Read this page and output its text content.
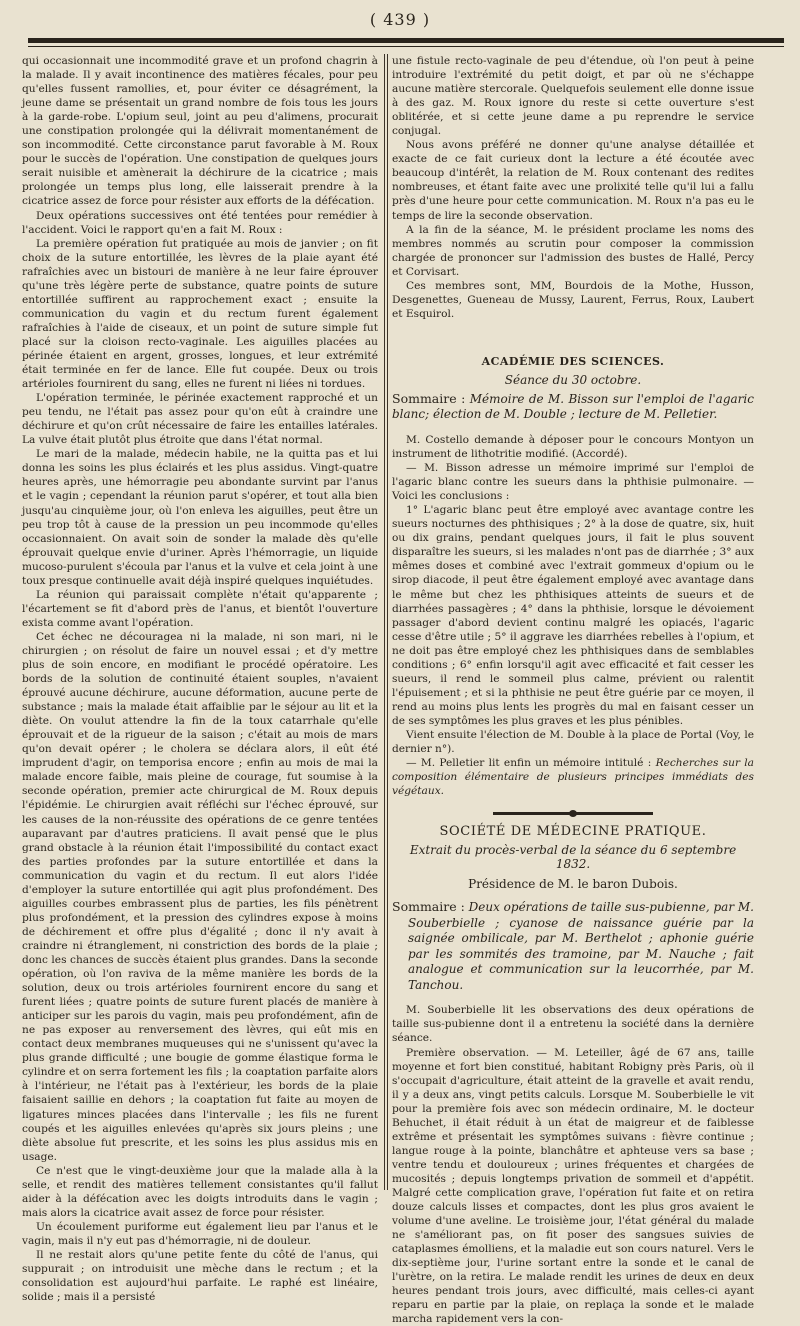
( 439 )

qui occasionnait une incommodité grave et un profond chagrin à la malade. Il y avait incontinence des matières fécales, pour peu qu'elles fussent ramollies, et, pour éviter ce désagrément, la jeune dame se présentait un grand nombre de fois tous les jours à la garde-robe. L'opium seul, joint au peu d'alimens, procurait une constipation prolongée qui la délivrait momentanément de son incommodité. Cette circonstance parut favorable à M. Roux pour le succès de l'opération. Une constipation de quelques jours serait nuisible et amènerait la déchirure de la cicatrice ; mais prolongée un temps plus long, elle laisserait prendre à la cicatrice assez de force pour résister aux efforts de la défécation.

Deux opérations successives ont été tentées pour remédier à l'accident. Voici le rapport qu'en a fait M. Roux :

La première opération fut pratiquée au mois de janvier ; on fit choix de la suture entortillée, les lèvres de la plaie ayant été rafraîchies avec un bistouri de manière à ne leur faire éprouver qu'une très légère perte de substance, quatre points de suture entortillée suffirent au rapprochement exact ; ensuite la communication du vagin et du rectum furent également rafraîchies à l'aide de ciseaux, et un point de suture simple fut placé sur la cloison recto-vaginale. Les aiguilles placées au périnée étaient en argent, grosses, longues, et leur extrémité était terminée en fer de lance. Elle fut coupée. Deux ou trois artérioles fournirent du sang, elles ne furent ni liées ni tordues.

L'opération terminée, le périnée exactement rapproché et un peu tendu, ne l'était pas assez pour qu'on eût à craindre une déchirure et qu'on crût nécessaire de faire les entailles latérales. La vulve était plutôt plus étroite que dans l'état normal.

Le mari de la malade, médecin habile, ne la quitta pas et lui donna les soins les plus éclairés et les plus assidus. Vingt-quatre heures après, une hémorragie peu abondante survint par l'anus et le vagin ; cependant la réunion parut s'opérer, et tout alla bien jusqu'au cinquième jour, où l'on enleva les aiguilles, peut être un peu trop tôt à cause de la pression un peu incommode qu'elles occasionnaient. On avait soin de sonder la malade dès qu'elle éprouvait quelque envie d'uriner. Après l'hémorragie, un liquide mucoso-purulent s'écoula par l'anus et la vulve et cela joint à une toux presque continuelle avait déjà inspiré quelques inquiétudes.

La réunion qui paraissait complète n'était qu'apparente ; l'écartement se fit d'abord près de l'anus, et bientôt l'ouverture exista comme avant l'opération.

Cet échec ne découragea ni la malade, ni son mari, ni le chirurgien ; on résolut de faire un nouvel essai ; et d'y mettre plus de soin encore, en modifiant le procédé opératoire. Les bords de la solution de continuité étaient souples, n'avaient éprouvé aucune déchirure, aucune déformation, aucune perte de substance ; mais la malade était affaiblie par le séjour au lit et la diète. On voulut attendre la fin de la toux catarrhale qu'elle éprouvait et de la rigueur de la saison ; c'était au mois de mars qu'on devait opérer ; le cholera se déclara alors, il eût été imprudent d'agir, on temporisa encore ; enfin au mois de mai la malade encore faible, mais pleine de courage, fut soumise à la seconde opération, premier acte chirurgical de M. Roux depuis l'épidémie. Le chirurgien avait réfléchi sur l'échec éprouvé, sur les causes de la non-réussite des opérations de ce genre tentées auparavant par d'autres praticiens. Il avait pensé que le plus grand obstacle à la réunion était l'impossibilité du contact exact des parties profondes par la suture entortillée et dans la communication du vagin et du rectum. Il eut alors l'idée d'employer la suture entortillée qui agit plus profondément. Des aiguilles courbes embrassent plus de parties, les fils pénètrent plus profondément, et la pression des cylindres expose à moins de déchirement et offre plus d'égalité ; donc il n'y avait à craindre ni étranglement, ni constriction des bords de la plaie ; donc les chances de succès étaient plus grandes. Dans la seconde opération, où l'on raviva de la même manière les bords de la solution, deux ou trois artérioles fournirent encore du sang et furent liées ; quatre points de suture furent placés de manière à anticiper sur les parois du vagin, mais peu profondément, afin de ne pas exposer au renversement des lèvres, qui eût mis en contact deux membranes muqueuses qui ne s'unissent qu'avec la plus grande difficulté ; une bougie de gomme élastique forma le cylindre et on serra fortement les fils ; la coaptation parfaite alors à l'intérieur, ne l'était pas à l'extérieur, les bords de la plaie faisaient saillie en dehors ; la coaptation fut faite au moyen de ligatures minces placées dans l'intervalle ; les fils ne furent coupés et les aiguilles enlevées qu'après six jours pleins ; une diète absolue fut prescrite, et les soins les plus assidus mis en usage.

Ce n'est que le vingt-deuxième jour que la malade alla à la selle, et rendit des matières tellement consistantes qu'il fallut aider à la défécation avec les doigts introduits dans le vagin ; mais alors la cicatrice avait assez de force pour résister.

Un écoulement puriforme eut également lieu par l'anus et le vagin, mais il n'y eut pas d'hémorragie, ni de douleur.

Il ne restait alors qu'une petite fente du côté de l'anus, qui suppurait ; on introduisit une mèche dans le rectum ; et la consolidation est aujourd'hui parfaite. Le raphé est linéaire, solide ; mais il a persisté

une fistule recto-vaginale de peu d'étendue, où l'on peut à peine introduire l'extrémité du petit doigt, et par où ne s'échappe aucune matière stercorale. Quelquefois seulement elle donne issue à des gaz. M. Roux ignore du reste si cette ouverture s'est oblitérée, et si cette jeune dame a pu reprendre le service conjugal.

Nous avons préféré ne donner qu'une analyse détaillée et exacte de ce fait curieux dont la lecture a été écoutée avec beaucoup d'intérêt, la relation de M. Roux contenant des redites nombreuses, et étant faite avec une prolixité telle qu'il lui a fallu près d'une heure pour cette communication. M. Roux n'a pas eu le temps de lire la seconde observation.

A la fin de la séance, M. le président proclame les noms des membres nommés au scrutin pour composer la commission chargée de prononcer sur l'admission des bustes de Hallé, Percy et Corvisart.

Ces membres sont, MM, Bourdois de la Mothe, Husson, Desgenettes, Gueneau de Mussy, Laurent, Ferrus, Roux, Laubert et Esquirol.

ACADÉMIE DES SCIENCES.
Séance du 30 octobre.

Sommaire : Mémoire de M. Bisson sur l'emploi de l'agaric blanc; élection de M. Double ; lecture de M. Pelletier.

M. Costello demande à déposer pour le concours Montyon un instrument de lithotritie modifié. (Accordé).

— M. Bisson adresse un mémoire imprimé sur l'emploi de l'agaric blanc contre les sueurs dans la phthisie pulmonaire. — Voici les conclusions :

1° L'agaric blanc peut être employé avec avantage contre les sueurs nocturnes des phthisiques ; 2° à la dose de quatre, six, huit ou dix grains, pendant quelques jours, il fait le plus souvent disparaître les sueurs, si les malades n'ont pas de diarrhée ; 3° aux mêmes doses et combiné avec l'extrait gommeux d'opium ou le sirop diacode, il peut être également employé avec avantage dans le même but chez les phthisiques atteints de sueurs et de diarrhées passagères ; 4° dans la phthisie, lorsque le dévoiement passager d'abord devient continu malgré les opiacés, l'agaric cesse d'être utile ; 5° il aggrave les diarrhées rebelles à l'opium, et ne doit pas être employé chez les phthisiques dans de semblables conditions ; 6° enfin lorsqu'il agit avec efficacité et fait cesser les sueurs, il rend le sommeil plus calme, prévient ou ralentit l'épuisement ; et si la phthisie ne peut être guérie par ce moyen, il rend au moins plus lents les progrès du mal en faisant cesser un de ses symptômes les plus graves et les plus pénibles.

Vient ensuite l'élection de M. Double à la place de Portal (Voy, le dernier n°).

— M. Pelletier lit enfin un mémoire intitulé : Recherches sur la composition élémentaire de plusieurs principes immédiats des végétaux.

SOCIÉTÉ DE MÉDECINE PRATIQUE.
Extrait du procès-verbal de la séance du 6 septembre 1832.
Présidence de M. le baron Dubois.

Sommaire : Deux opérations de taille sus-pubienne, par M. Souberbielle ; cyanose de naissance guérie par la saignée ombilicale, par M. Berthelot ; aphonie guérie par les sommités des tramoine, par M. Nauche ; fait analogue et communication sur la leucorrhée, par M. Tanchou.

M. Souberbielle lit les observations des deux opérations de taille sus-pubienne dont il a entretenu la société dans la dernière séance.

Première observation. — M. Leteiller, âgé de 67 ans, taille moyenne et fort bien constitué, habitant Robigny près Paris, où il s'occupait d'agriculture, était atteint de la gravelle et avait rendu, il y a deux ans, vingt petits calculs. Lorsque M. Souberbielle le vit pour la première fois avec son médecin ordinaire, M. le docteur Behuchet, il était réduit à un état de maigreur et de faiblesse extrême et présentait les symptômes suivans : fièvre continue ; langue rouge à la pointe, blanchâtre et aphteuse vers sa base ; ventre tendu et douloureux ; urines fréquentes et chargées de mucosités ; depuis longtemps privation de sommeil et d'appétit. Malgré cette complication grave, l'opération fut faite et on retira douze calculs lisses et compactes, dont les plus gros avaient le volume d'une aveline. Le troisième jour, l'état général du malade ne s'améliorant pas, on fit poser des sangsues suivies de cataplasmes émolliens, et la maladie eut son cours naturel. Vers le dix-septième jour, l'urine sortant entre la sonde et le canal de l'urètre, on la retira. Le malade rendit les urines de deux en deux heures pendant trois jours, avec difficulté, mais celles-ci ayant reparu en partie par la plaie, on replaça la sonde et le malade marcha rapidement vers la con-
